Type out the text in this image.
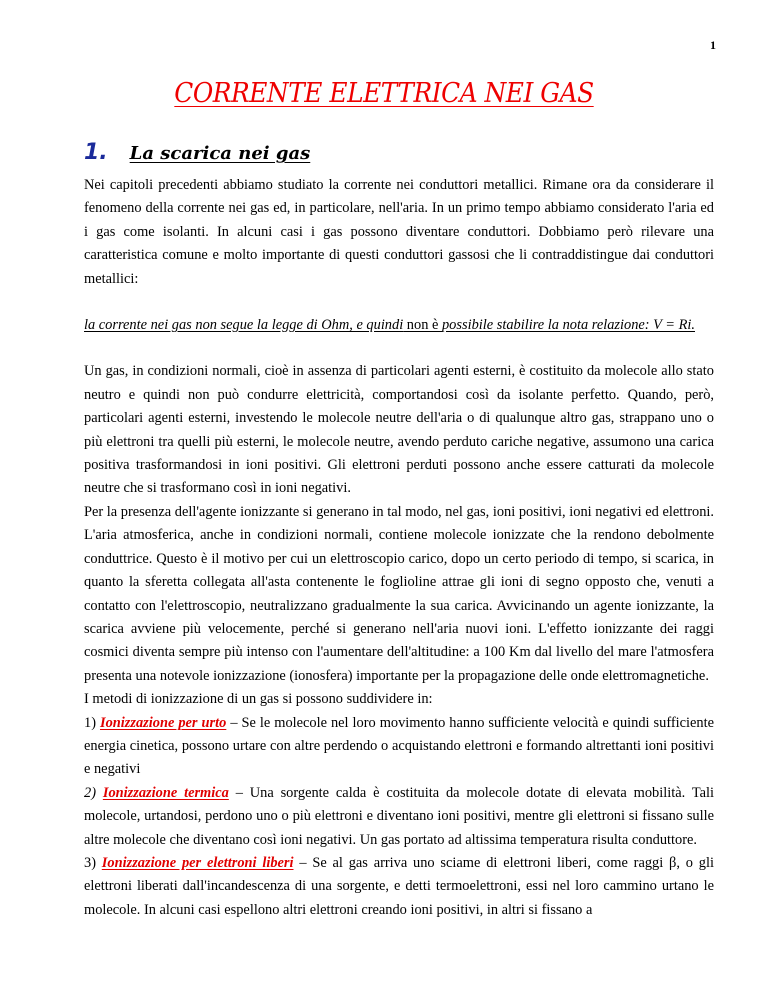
1
CORRENTE ELETTRICA NEI GAS
1. La scarica nei gas

Nei capitoli precedenti abbiamo studiato la corrente nei conduttori metallici. Rimane ora da considerare il fenomeno della corrente nei gas ed, in particolare, nell'aria. In un primo tempo abbiamo considerato l'aria ed i gas come isolanti. In alcuni casi i gas possono diventare conduttori. Dobbiamo però rilevare una caratteristica comune e molto importante di questi conduttori gassosi che li contraddistingue dai conduttori metallici:

la corrente nei gas non segue la legge di Ohm, e quindi non è possibile stabilire la nota relazione: V = Ri.

Un gas, in condizioni normali, cioè in assenza di particolari agenti esterni, è costituito da molecole allo stato neutro e quindi non può condurre elettricità, comportandosi così da isolante perfetto. Quando, però, particolari agenti esterni, investendo le molecole neutre dell'aria o di qualunque altro gas, strappano uno o più elettroni tra quelli più esterni, le molecole neutre, avendo perduto cariche negative, assumono una carica positiva trasformandosi in ioni positivi. Gli elettroni perduti possono anche essere catturati da molecole neutre che si trasformano così in ioni negativi.

Per la presenza dell'agente ionizzante si generano in tal modo, nel gas, ioni positivi, ioni negativi ed elettroni. L'aria atmosferica, anche in condizioni normali, contiene molecole ionizzate che la rendono debolmente conduttrice. Questo è il motivo per cui un elettroscopio carico, dopo un certo periodo di tempo, si scarica, in quanto la sferetta collegata all'asta contenente le foglioline attrae gli ioni di segno opposto che, venuti a contatto con l'elettroscopio, neutralizzano gradualmente la sua carica. Avvicinando un agente ionizzante, la scarica avviene più velocemente, perché si generano nell'aria nuovi ioni. L'effetto ionizzante dei raggi cosmici diventa sempre più intenso con l'aumentare dell'altitudine: a 100 Km dal livello del mare l'atmosfera presenta una notevole ionizzazione (ionosfera) importante per la propagazione delle onde elettromagnetiche.

I metodi di ionizzazione di un gas si possono suddividere in:

1) Ionizzazione per urto – Se le molecole nel loro movimento hanno sufficiente velocità e quindi sufficiente energia cinetica, possono urtare con altre perdendo o acquistando elettroni e formando altrettanti ioni positivi e negativi

2) Ionizzazione termica – Una sorgente calda è costituita da molecole dotate di elevata mobilità. Tali molecole, urtandosi, perdono uno o più elettroni e diventano ioni positivi, mentre gli elettroni si fissano sulle altre molecole che diventano così ioni negativi. Un gas portato ad altissima temperatura risulta conduttore.

3) Ionizzazione per elettroni liberi – Se al gas arriva uno sciame di elettroni liberi, come raggi β, o gli elettroni liberati dall'incandescenza di una sorgente, e detti termoelettroni, essi nel loro cammino urtano le molecole. In alcuni casi espellono altri elettroni creando ioni positivi, in altri si fissano a
